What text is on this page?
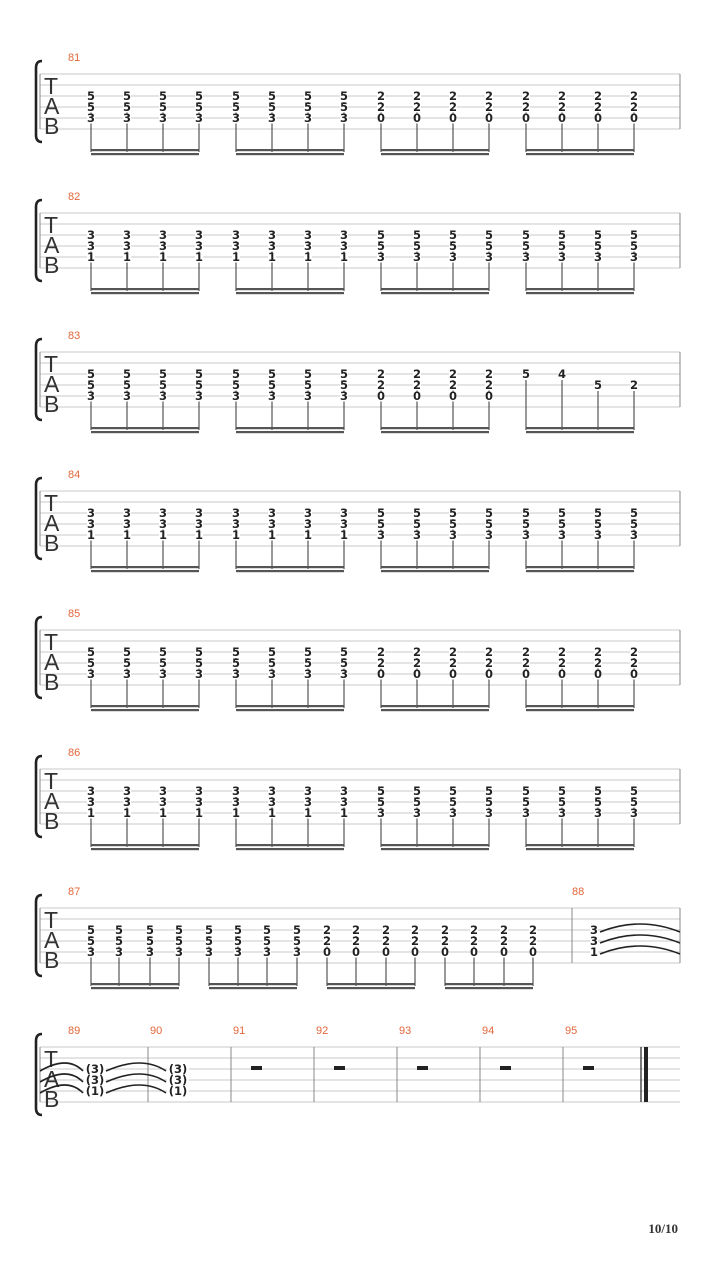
T
A
B
81
5
5
3
5
5
3
5
5
3
5
5
3
5
5
3
5
5
3
5
5
3
5
5
3
2
2
0
2
2
0
2
2
0
2
2
0
2
2
0
2
2
0
2
2
0
2
2
0
T
A
B
82
3
3
1
3
3
1
3
3
1
3
3
1
3
3
1
3
3
1
3
3
1
3
3
1
5
5
3
5
5
3
5
5
3
5
5
3
5
5
3
5
5
3
5
5
3
5
5
3
T
A
B
83
5
5
3
5
5
3
5
5
3
5
5
3
5
5
3
5
5
3
5
5
3
5
5
3
2
2
0
2
2
0
2
2
0
2
2
0
5 4
5 2
T
A
B
84
3
3
1
3
3
1
3
3
1
3
3
1
3
3
1
3
3
1
3
3
1
3
3
1
5
5
3
5
5
3
5
5
3
5
5
3
5
5
3
5
5
3
5
5
3
5
5
3
T
A
B
85
5
5
3
5
5
3
5
5
3
5
5
3
5
5
3
5
5
3
5
5
3
5
5
3
2
2
0
2
2
0
2
2
0
2
2
0
2
2
0
2
2
0
2
2
0
2
2
0
T
A
B
86
3
3
1
3
3
1
3
3
1
3
3
1
3
3
1
3
3
1
3
3
1
3
3
1
5
5
3
5
5
3
5
5
3
5
5
3
5
5
3
5
5
3
5
5
3
5
5
3
T
A
B
87
5
5
3
5
5
3
5
5
3
5
5
3
5
5
3
5
5
3
5
5
3
5
5
3
2
2
0
2
2
0
2
2
0
2
2
0
2
2
0
2
2
0
2
2
0
2
2
0
88
3
3
1
T
A
B
89
(3)
(3)
(1)
90
(3)
(3)
(1)
91	92	93	94	95
10/10
